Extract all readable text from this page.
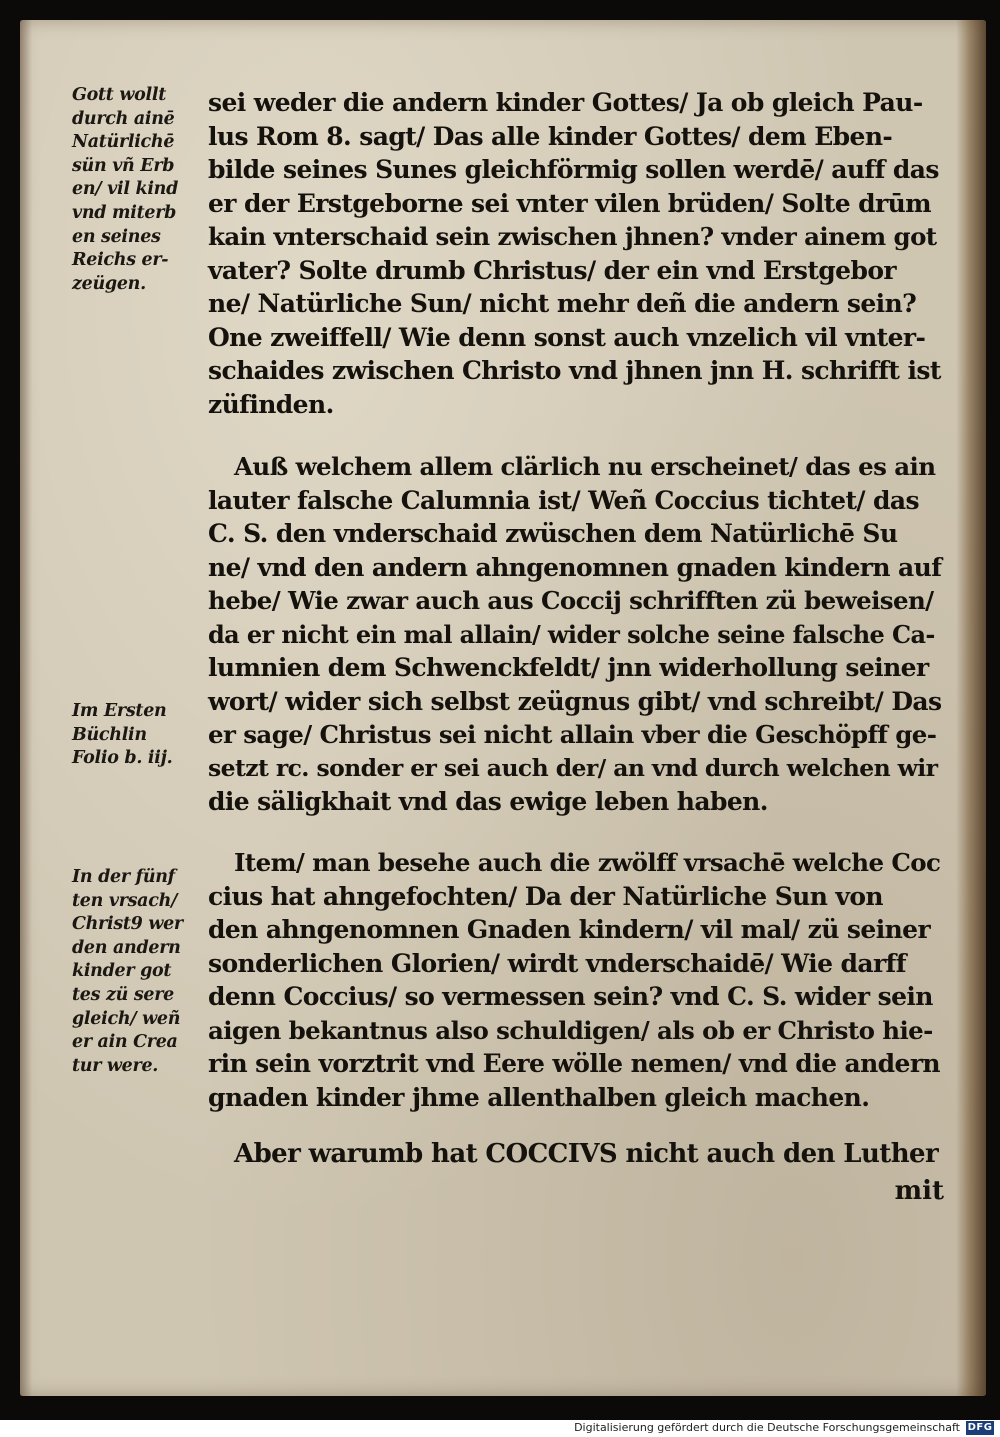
Gott wollt
durch ainē
Natürlichē
sün vñ Erb
en/ vil kind
vnd miterb
en seines
Reichs er-
zeügen.
Im Ersten
Büchlin
Folio b. iij.
In der fünf
ten vrsach/
Christ9 wer
den andern
kinder got
tes zü sere
gleich/ weñ
er ain Crea
tur were.
sei weder die andern kinder Gottes/ Ja ob gleich Pau-
lus Rom 8. sagt/ Das alle kinder Gottes/ dem Eben-
bilde seines Sunes gleichförmig sollen werdē/ auff das
er der Erstgeborne sei vnter vilen brüden/ Solte drūm
kain vnterschaid sein zwischen jhnen? vnder ainem got
vater? Solte drumb Christus/ der ein vnd Erstgebor
ne/ Natürliche Sun/ nicht mehr deñ die andern sein?
One zweiffell/ Wie denn sonst auch vnzelich vil vnter-
schaides zwischen Christo vnd jhnen jnn H. schrifft ist
züfinden.
Auß welchem allem clärlich nu erscheinet/ das es ain
lauter falsche Calumnia ist/ Weñ Coccius tichtet/ das
C. S. den vnderschaid zwüschen dem Natürlichē Su
ne/ vnd den andern ahngenomnen gnaden kindern auf
hebe/ Wie zwar auch aus Coccij schrifften zü beweisen/
da er nicht ein mal allain/ wider solche seine falsche Ca-
lumnien dem Schwenckfeldt/ jnn widerhollung seiner
wort/ wider sich selbst zeügnus gibt/ vnd schreibt/ Das
er sage/ Christus sei nicht allain vber die Geschöpff ge-
setzt rc. sonder er sei auch der/ an vnd durch welchen wir
die säligkhait vnd das ewige leben haben.
Item/ man besehe auch die zwölff vrsachē welche Coc
cius hat ahngefochten/ Da der Natürliche Sun von
den ahngenomnen Gnaden kindern/ vil mal/ zü seiner
sonderlichen Glorien/ wirdt vnderschaidē/ Wie darff
denn Coccius/ so vermessen sein? vnd C. S. wider sein
aigen bekantnus also schuldigen/ als ob er Christo hie-
rin sein vorztrit vnd Eere wölle nemen/ vnd die andern
gnaden kinder jhme allenthalben gleich machen.
Aber warumb hat COCCIVS nicht auch den Luther
mit
Digitalisierung gefördert durch die Deutsche Forschungsgemeinschaft DFG
